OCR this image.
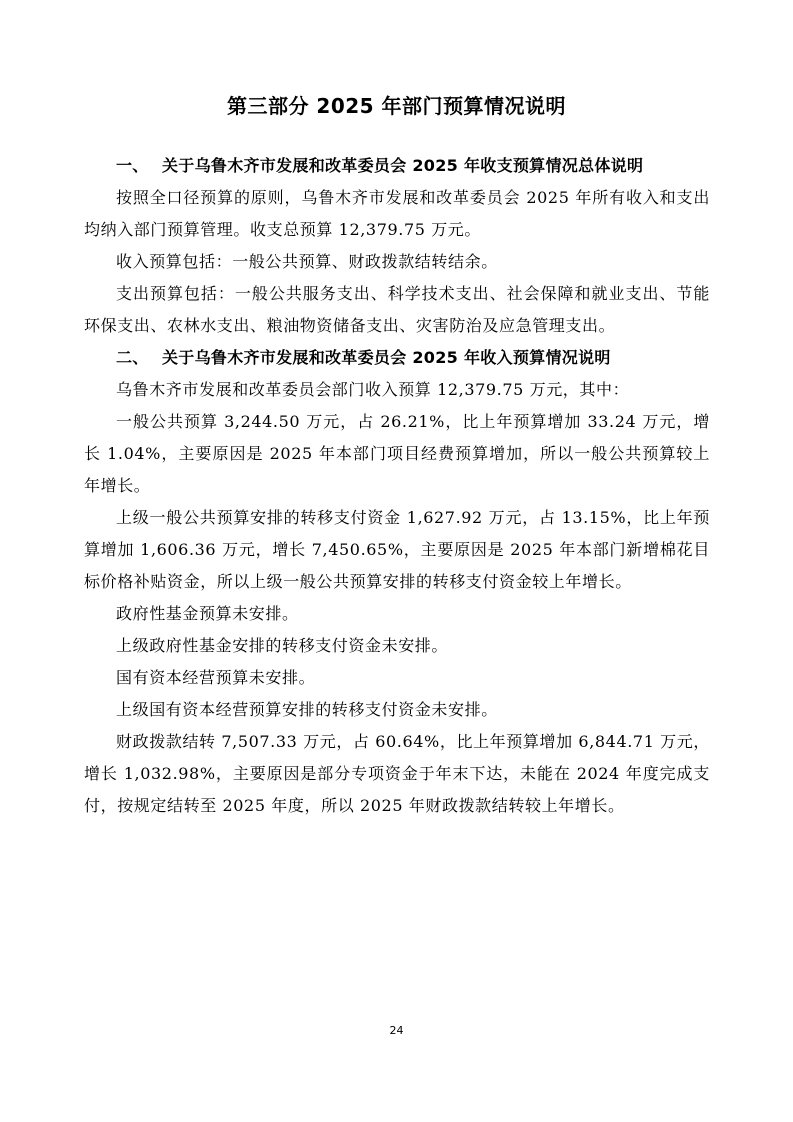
第三部分 2025 年部门预算情况说明
一、 关于乌鲁木齐市发展和改革委员会 2025 年收支预算情况总体说明

按照全口径预算的原则，乌鲁木齐市发展和改革委员会 2025 年所有收入和支出均纳入部门预算管理。收支总预算 12,379.75 万元。

收入预算包括：一般公共预算、财政拨款结转结余。

支出预算包括：一般公共服务支出、科学技术支出、社会保障和就业支出、节能环保支出、农林水支出、粮油物资储备支出、灾害防治及应急管理支出。

二、 关于乌鲁木齐市发展和改革委员会 2025 年收入预算情况说明

乌鲁木齐市发展和改革委员会部门收入预算 12,379.75 万元，其中：

一般公共预算 3,244.50 万元，占 26.21%，比上年预算增加 33.24 万元，增长 1.04%，主要原因是 2025 年本部门项目经费预算增加，所以一般公共预算较上年增长。

上级一般公共预算安排的转移支付资金 1,627.92 万元，占 13.15%，比上年预算增加 1,606.36 万元，增长 7,450.65%，主要原因是 2025 年本部门新增棉花目标价格补贴资金，所以上级一般公共预算安排的转移支付资金较上年增长。

政府性基金预算未安排。

上级政府性基金安排的转移支付资金未安排。

国有资本经营预算未安排。

上级国有资本经营预算安排的转移支付资金未安排。

财政拨款结转 7,507.33 万元，占 60.64%，比上年预算增加 6,844.71 万元，增长 1,032.98%，主要原因是部分专项资金于年末下达，未能在 2024 年度完成支付，按规定结转至 2025 年度，所以 2025 年财政拨款结转较上年增长。

24
